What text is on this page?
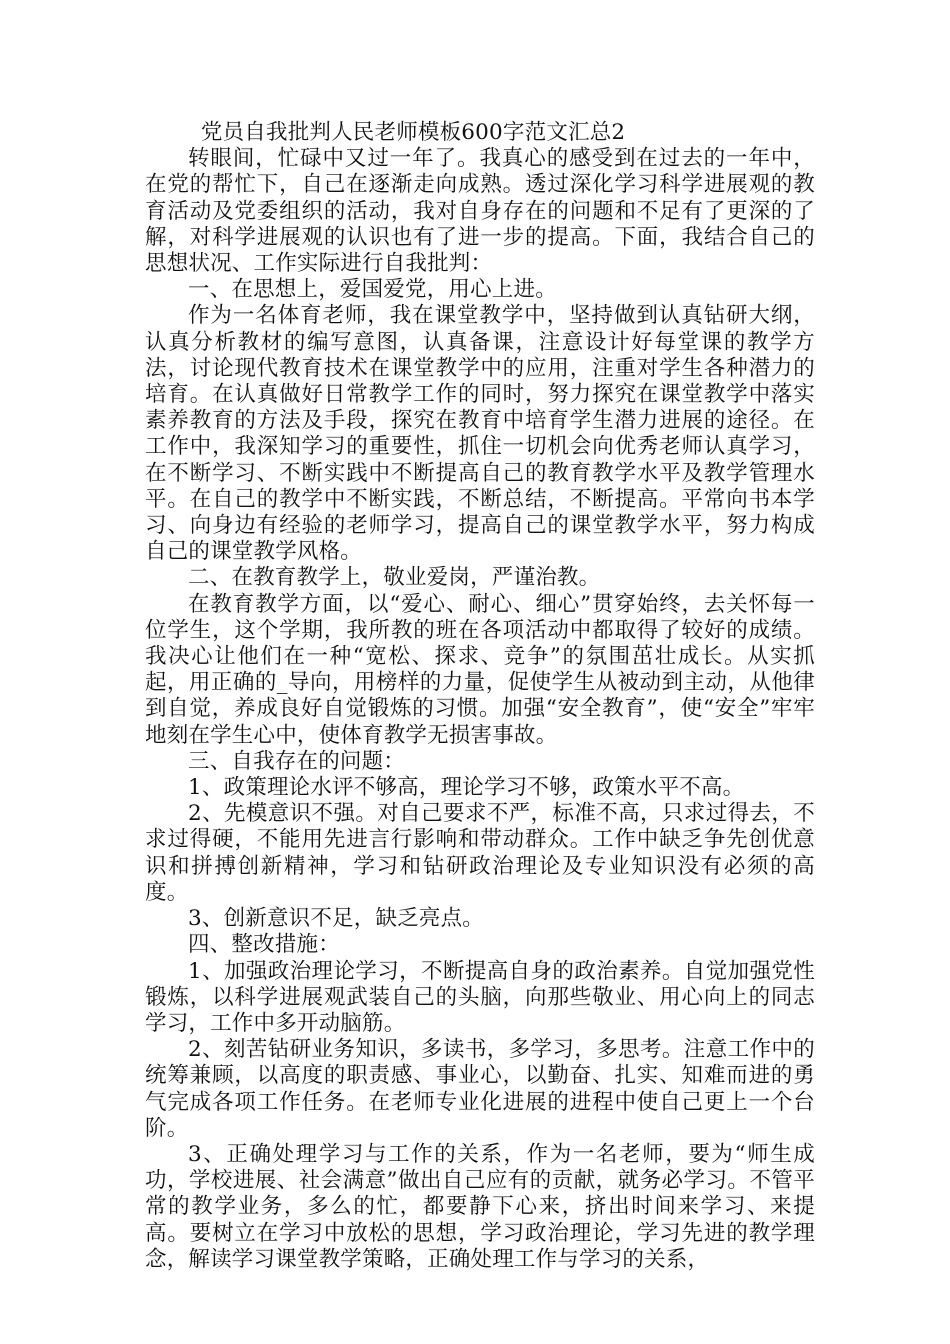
党员自我批判人民老师模板600字范文汇总2

转眼间，忙碌中又过一年了。我真心的感受到在过去的一年中，在党的帮忙下，自己在逐渐走向成熟。透过深化学习科学进展观的教育活动及党委组织的活动，我对自身存在的问题和不足有了更深的了解，对科学进展观的认识也有了进一步的提高。下面，我结合自己的思想状况、工作实际进行自我批判：

一、在思想上，爱国爱党，用心上进。

作为一名体育老师，我在课堂教学中，坚持做到认真钻研大纲，认真分析教材的编写意图，认真备课，注意设计好每堂课的教学方法，讨论现代教育技术在课堂教学中的应用，注重对学生各种潜力的培育。在认真做好日常教学工作的同时，努力探究在课堂教学中落实素养教育的方法及手段，探究在教育中培育学生潜力进展的途径。在工作中，我深知学习的重要性，抓住一切机会向优秀老师认真学习，在不断学习、不断实践中不断提高自己的教育教学水平及教学管理水平。在自己的教学中不断实践，不断总结，不断提高。平常向书本学习、向身边有经验的老师学习，提高自己的课堂教学水平，努力构成自己的课堂教学风格。

二、在教育教学上，敬业爱岗，严谨治教。

在教育教学方面，以“爱心、耐心、细心”贯穿始终，去关怀每一位学生，这个学期，我所教的班在各项活动中都取得了较好的成绩。我决心让他们在一种“宽松、探求、竞争”的氛围茁壮成长。从实抓起，用正确的_导向，用榜样的力量，促使学生从被动到主动，从他律到自觉，养成良好自觉锻炼的习惯。加强“安全教育”，使“安全”牢牢地刻在学生心中，使体育教学无损害事故。

三、自我存在的问题：

1、政策理论水评不够高，理论学习不够，政策水平不高。

2、先模意识不强。对自己要求不严，标准不高，只求过得去，不求过得硬，不能用先进言行影响和带动群众。工作中缺乏争先创优意识和拼搏创新精神，学习和钻研政治理论及专业知识没有必须的高度。

3、创新意识不足，缺乏亮点。

四、整改措施：

1、加强政治理论学习，不断提高自身的政治素养。自觉加强党性锻炼，以科学进展观武装自己的头脑，向那些敬业、用心向上的同志学习，工作中多开动脑筋。

2、刻苦钻研业务知识，多读书，多学习，多思考。注意工作中的统筹兼顾，以高度的职责感、事业心，以勤奋、扎实、知难而进的勇气完成各项工作任务。在老师专业化进展的进程中使自己更上一个台阶。

3、正确处理学习与工作的关系，作为一名老师，要为“师生成功，学校进展、社会满意”做出自己应有的贡献，就务必学习。不管平常的教学业务，多么的忙，都要静下心来，挤出时间来学习、来提高。要树立在学习中放松的思想，学习政治理论，学习先进的教学理念，解读学习课堂教学策略，正确处理工作与学习的关系，
